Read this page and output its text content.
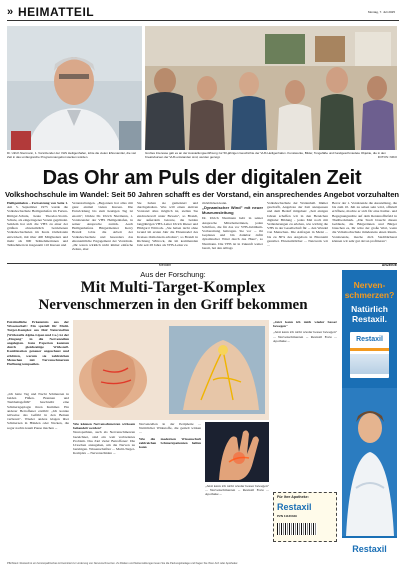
» HEIMATTEIL	Montag, 7. Juli 2025
Dr. Ulrich Niermann, 1. Vorsitzender der VHS Heiligenhafen, lobte die vielen Ehrenamtler, die viel Zeit in das umfangreiche Programmangebot stecken würden.
Großes Interesse gab es an der Ausstellungseröffnung zur 50-jährigen Geschichte der VHS Heiligenhafen. Kunstwerke, Bilder, Tongefäße und handgeschmiedete Objekte, die in den Kreativkursen der VHS entstanden sind, werden gezeigt.	FOTOS: NIKO
Das Ohr am Puls der digitalen Zeit
Volkshochschule im Wandel: Seit 50 Jahren schafft es der Vorstand, ein ansprechendes Angebot vorzuhalten
Heiligenhafen – Fortsetzung von Seite 1. Am 5. September 1975 wurde die Volkshochschule Heiligenhafen im Ferien-Rittiger-Schule, heute Theodor-Storm-Schule, als eingetragener Verein gegründet. Seitdem hat sich die VHS zu einer der größten ehrenamtlich betriebenen Volkshochschulen im Kreis Ostholstein entwickelt, mit über 400 Mitgliedern und mehr als 900 Teilnehmerinnen und Teilnehmern in insgesamt 110 Kursen und
Veranstaltungen. „Begonnen hat alles mit ganz einmal vielen Kursen. Die Entwicklung bis zum heutigen Tag ist enorm", blickte Dr. Ulrich Niermann, 1. Vorsitzender der VHS Heiligenhafen, in seiner Ansprache zurück. Auch Heiligenhafens Bürgermeister Kerry Brandt lobte die Arbeit der Volkshochschule und besonders das ehrenamtliche Engagement der Vorstände. „Ihr waren wirklich nicht immer einfache Zeiten, aber
Sie haben sie gemeistert und durchgehalten. Was will einen aktiven Vorstand alles möglich ist, stellen Sie eindrucksvoll unter Beweis", so Brandt, der außerdem betonte, die beiden langjährigen VHS-Leiter Ulrich Rieser und Hildgard Wittrock. „Sie haben nicht ohne Grund im ersten Jahr die Ehrennadel des Kreises Ostholstein erhalten", so Brandt in Richtung Wittrock, die im kommenden Jahr seit 28 Jahre als VHS-Leiter zu
rückblicken kann.
„Dynamischer Wind" mit neuer Museumsleitung
Dr. Ulrich Niermann hebt in seiner Ansprache Mitarbeiterinnen, jeden Schriften, die für das vor VHS-Jubiläum-Vorbereitung beitragen. Sie vor ... ihr Geplanes und bin dankbar dafür dynamischer Wind durch das Haus", so Niermann. Die VHS ist in Zukunft weiter bereit, bei den Alltags
Volkshochschule der Wattenhall. Immer geschafft, Angebote der Zeit anzupassen und dem Bedarf mitgehen: „Seit einigen Jahren schaffen wir in den Bereichen digitaler Bildung - jedes Mal noch mit Veränderungen zu erleben, wie wichtig die VHS in der Gesellschaft für ... den Wandel von Menschen- Die Anfragen in Meist ... bis zu 80% des Angebots in Ehrenamt gestaltet. Ehrenamtlicher ... Netzwerk wir ...
Bevor der 1. Vorsitzende die Ausstellung, die bis zum 10. Juli zu sehen sein wird, offiziell eröffnete, machte er sich für eine Kultur- und Begegnungsstätte auf dem Rentenoffizfeld in Theilbeckmark. „Die Stadt braucht diesen Gebäude, die Bürgerinnen und Bürger brauchen es, Ihr wäre der große Wert, wenn die Volkshochschule mindestens einen Raum-Vorsitzende, mache dich Stadtbücherei können wir sehr gut davon profitieren".
Medizin	ANZEIGE
Aus der Forschung:
Mit Multi-Target-Komplex
Nervenschmerzen in den Griff bekommen
Entzündliche Erkenntnis aus der Wissenschaft: Ein speziell für Multi-Target-Komplex aus fünf Naturstoffen (Wirkstoffe Alpha-Lipon und Co.) ist der „Eingang" in die Nervenzellen angelegten. Gute Experten konnten durch gleichzeitige Wirkstoff-Kombination genauer angeschaut und erklären, warum sie zahlreichen Menschen mit Nervenschmerzen Hoffnung tempoeilen.
„Ich hatte Tag und Nacht Schmerzen in beiden Füßen. Brennen und Taubheitsgefühl" beschreibt eine Schmerzgeplagte ihren Kummer. Ein anderer Betroffener erzählt: „Ich konnte teilweise das Gefühl in den Beinen verlieren". Wieder andere klagen über Schmerzen in Händen oder Nacken, die sogar nachts kaum Pause machen ...
Wie können Nervenschmerzen wirksam behandelt werden?
Neuropathien, auch als Nervenschmerzen bezeichnet, sind ein weit verbreitetes Problem. Das Ziel vieler Betroffener: Die Ursachen anzugehen, um die Nerven zu beruhigen. Wissenschaftler ... Multi-Target-Komplex ... Nervenschäden ...
Nervenzellen in der Peripherie ... Natürlicher Wirkstoffe, die gezielt wirken ...
Wie die modernen Wissenschaft zahlreichen Schmerzpatienten helfen kann
„Jetzt kann ich nicht wieder besser bewegen" ... Nervenschmerzen ... Restaxil Forte ... Apotheke ...
„Jetzt kann ich mich wieder besser bewegen"
„Jetzt kann ich nicht wieder besser bewegen" ... Nervenschmerzen ... Restaxil Forte ... Apotheke ...
Für Ihre Apotheke:
Restaxil
PZN 11130349
Nerven-
schmerzen?
Natürlich
Restaxil.
Restaxil
Restaxil
Pflichttext: Restaxil ist ein homöopathisches Arzneimittel zur Linderung von Nervenschmerzen. Zu Risiken und Nebenwirkungen lesen Sie die Packungsbeilage und fragen Sie Ihren Arzt oder Apotheker.
